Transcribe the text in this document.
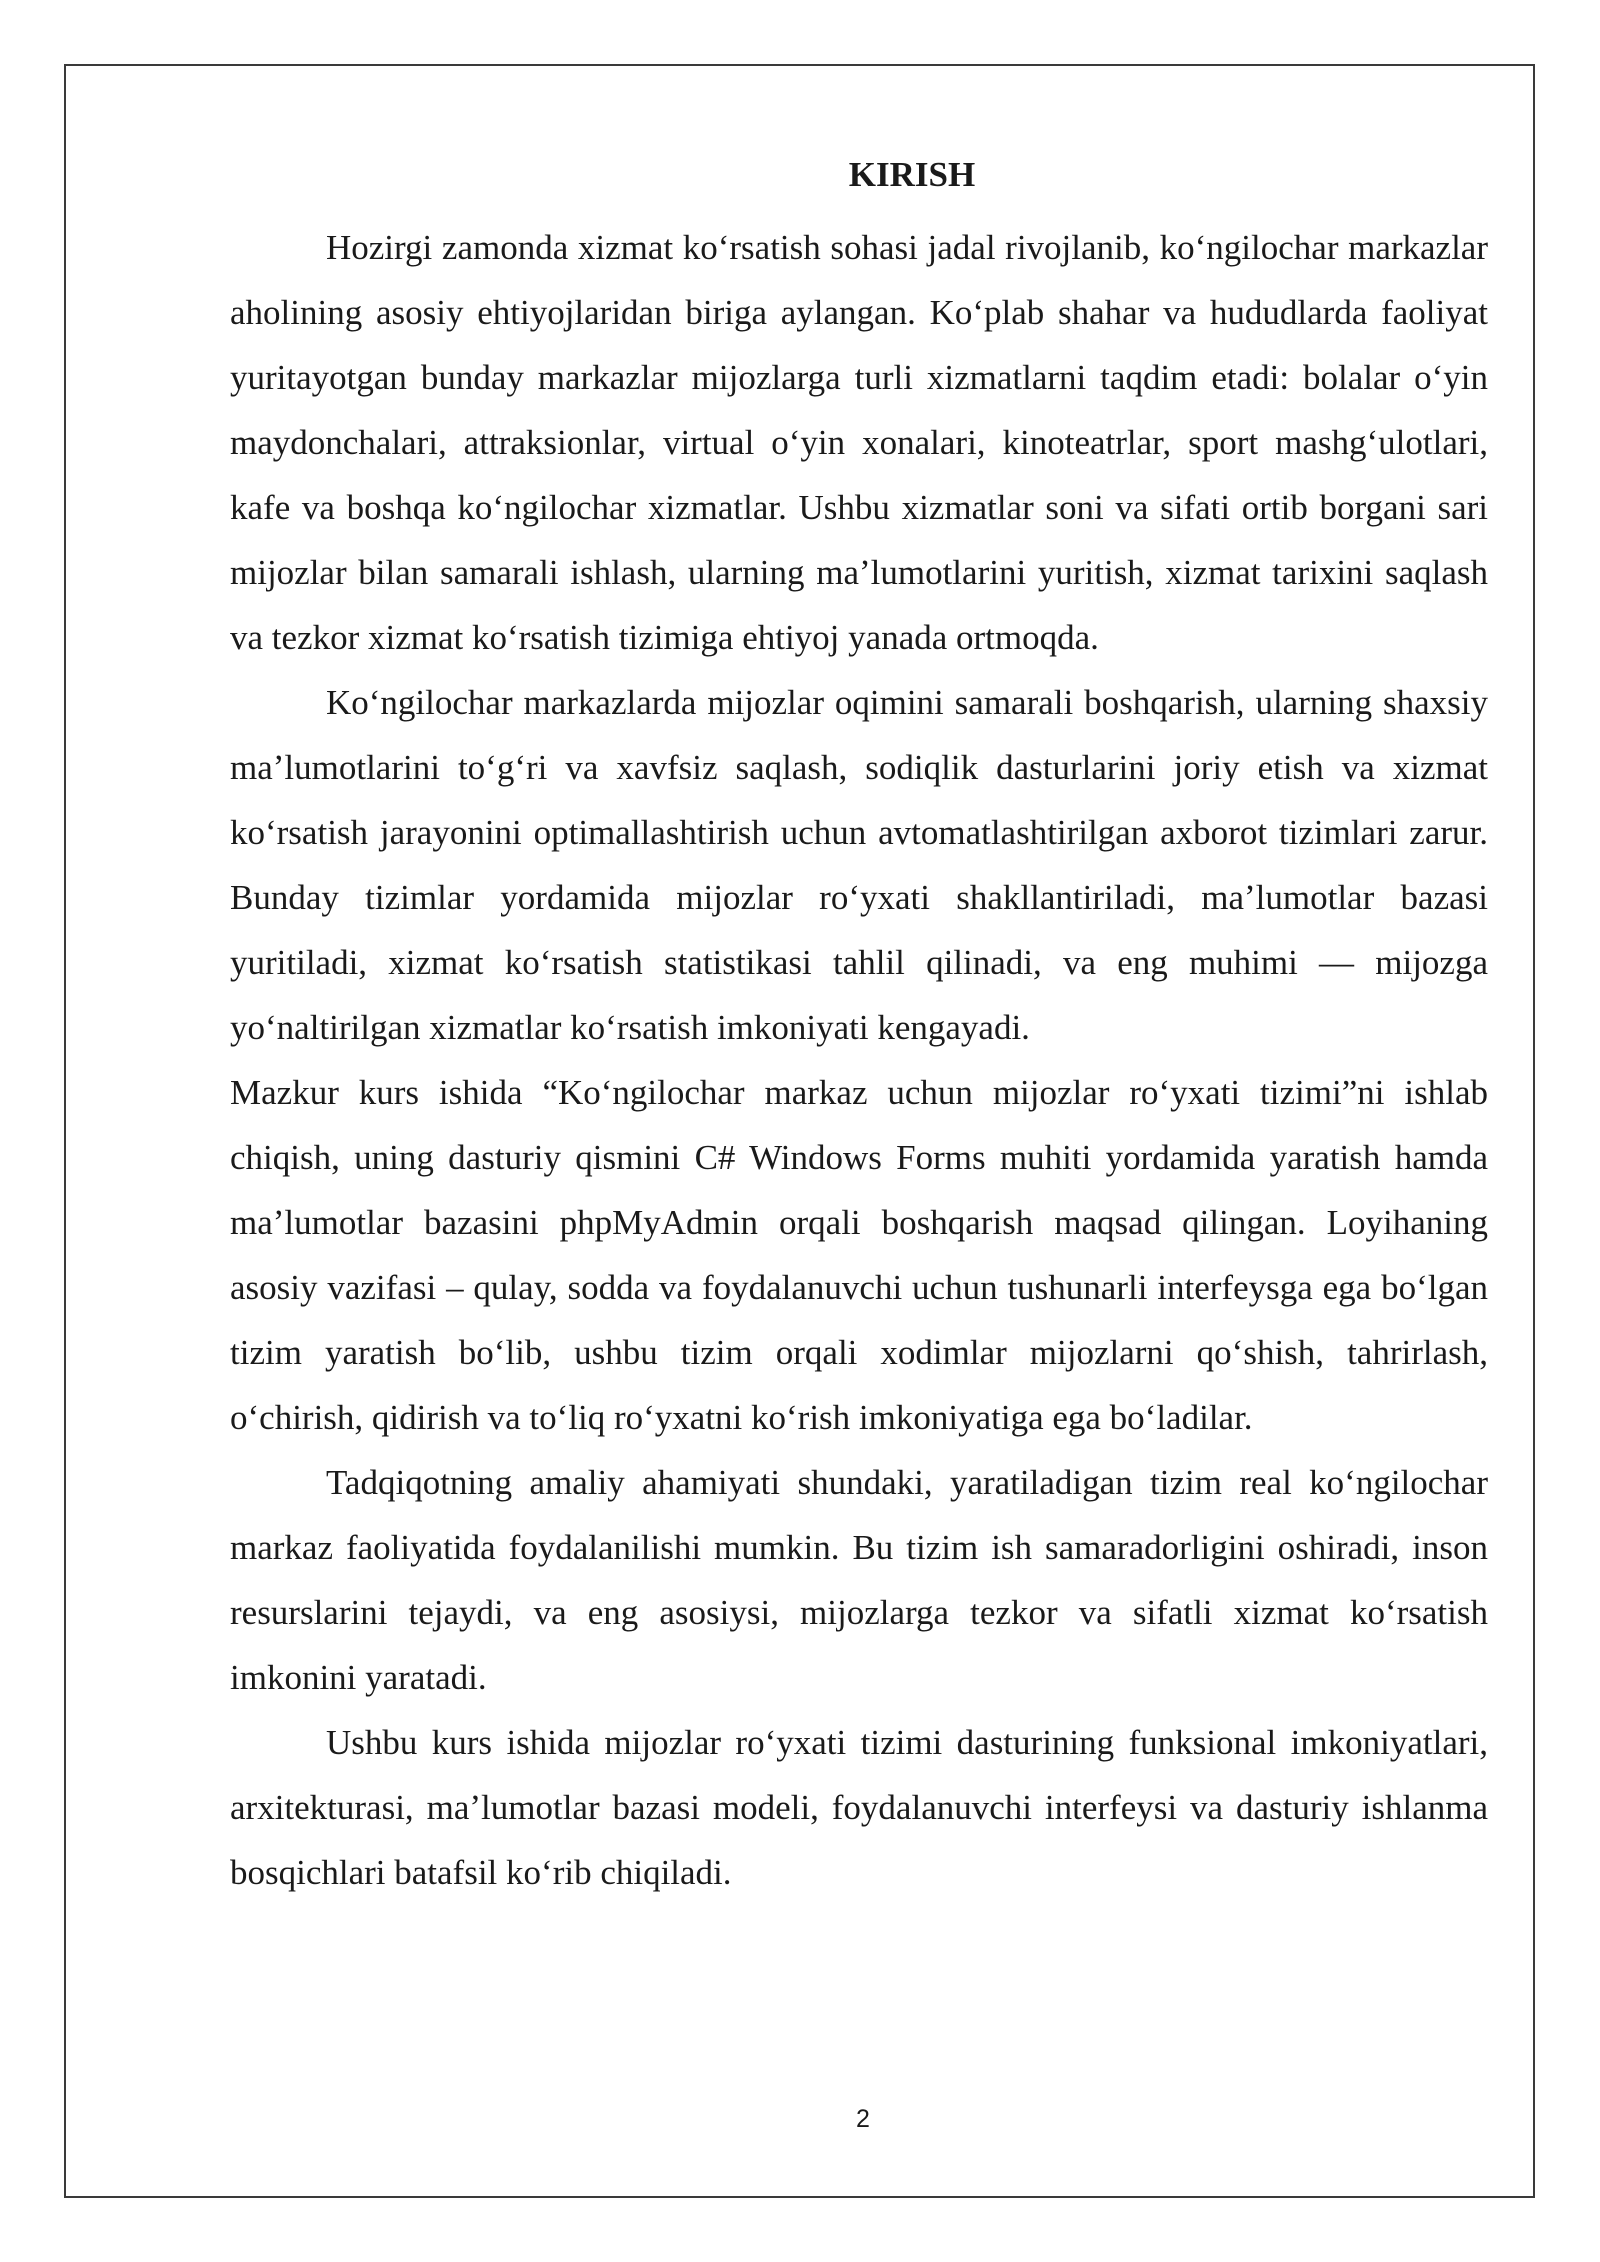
KIRISH

Hozirgi zamonda xizmat koʻrsatish sohasi jadal rivojlanib, koʻngilochar markazlar aholining asosiy ehtiyojlaridan biriga aylangan. Koʻplab shahar va hududlarda faoliyat yuritayotgan bunday markazlar mijozlarga turli xizmatlarni taqdim etadi: bolalar oʻyin maydonchalari, attraksionlar, virtual oʻyin xonalari, kinoteatrlar, sport mashgʻulotlari, kafe va boshqa koʻngilochar xizmatlar. Ushbu xizmatlar soni va sifati ortib borgani sari mijozlar bilan samarali ishlash, ularning maʼlumotlarini yuritish, xizmat tarixini saqlash va tezkor xizmat koʻrsatish tizimiga ehtiyoj yanada ortmoqda.

Koʻngilochar markazlarda mijozlar oqimini samarali boshqarish, ularning shaxsiy maʼlumotlarini toʻgʻri va xavfsiz saqlash, sodiqlik dasturlarini joriy etish va xizmat koʻrsatish jarayonini optimallashtirish uchun avtomatlashtirilgan axborot tizimlari zarur. Bunday tizimlar yordamida mijozlar roʻyxati shakllantiriladi, maʼlumotlar bazasi yuritiladi, xizmat koʻrsatish statistikasi tahlil qilinadi, va eng muhimi — mijozga yoʻnaltirilgan xizmatlar koʻrsatish imkoniyati kengayadi.

Mazkur kurs ishida “Koʻngilochar markaz uchun mijozlar roʻyxati tizimi”ni ishlab chiqish, uning dasturiy qismini C# Windows Forms muhiti yordamida yaratish hamda maʼlumotlar bazasini phpMyAdmin orqali boshqarish maqsad qilingan. Loyihaning asosiy vazifasi – qulay, sodda va foydalanuvchi uchun tushunarli interfeysga ega boʻlgan tizim yaratish boʻlib, ushbu tizim orqali xodimlar mijozlarni qoʻshish, tahrirlash, oʻchirish, qidirish va toʻliq roʻyxatni koʻrish imkoniyatiga ega boʻladilar.

Tadqiqotning amaliy ahamiyati shundaki, yaratiladigan tizim real koʻngilochar markaz faoliyatida foydalanilishi mumkin. Bu tizim ish samaradorligini oshiradi, inson resurslarini tejaydi, va eng asosiysi, mijozlarga tezkor va sifatli xizmat koʻrsatish imkonini yaratadi.

Ushbu kurs ishida mijozlar roʻyxati tizimi dasturining funksional imkoniyatlari, arxitekturasi, maʼlumotlar bazasi modeli, foydalanuvchi interfeysi va dasturiy ishlanma bosqichlari batafsil koʻrib chiqiladi.

2
